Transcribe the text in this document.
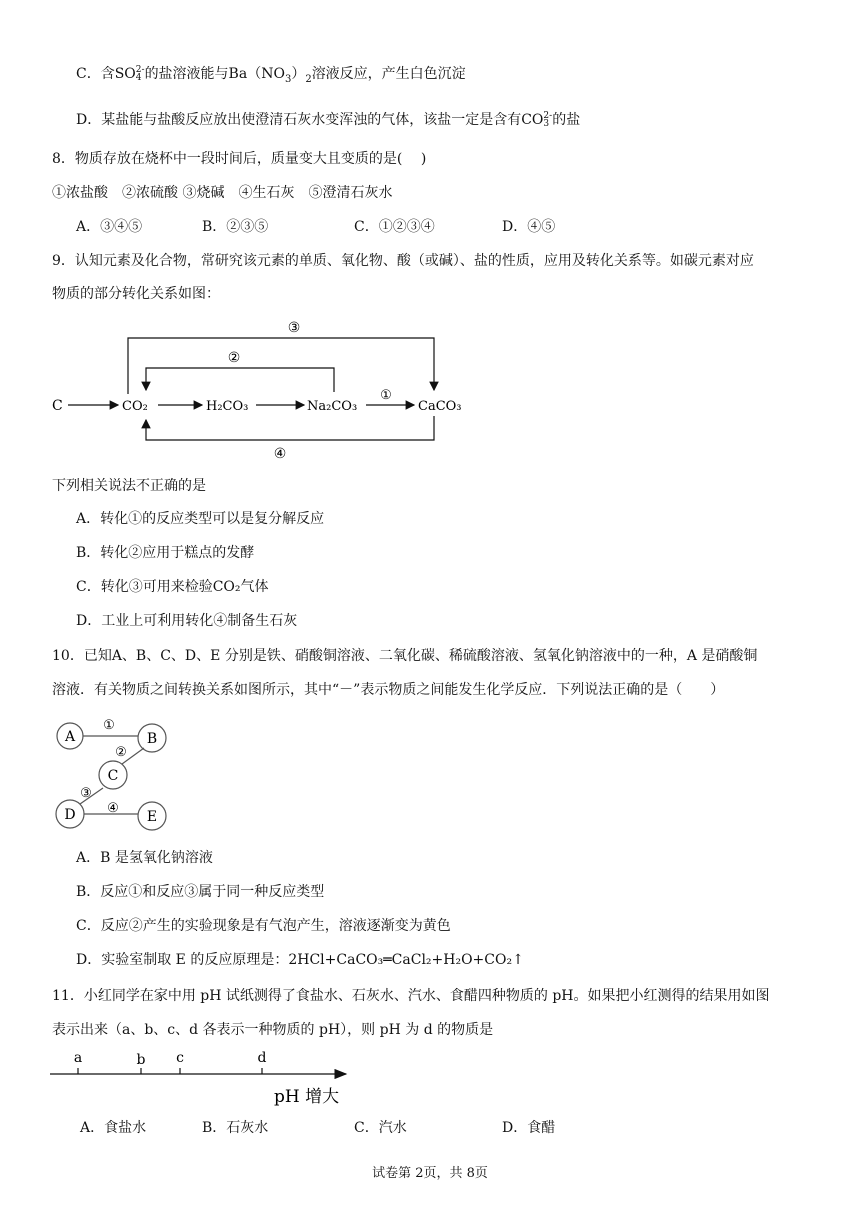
C．含SO 2-
4 的盐溶液能与$Ba(NO_3)_2$溶液反应，产生白色沉淀
D．某盐能与盐酸反应放出使澄清石灰水变浑浊的气体，该盐一定是含有CO 2-
3 的盐
8．物质存放在烧杯中一段时间后，质量变大且变质的是(　 )
①浓盐酸　②浓硫酸 ③烧碱　④生石灰　⑤澄清石灰水
A．③④⑤	B．②③⑤	C．①②③④	D．④⑤
9．认知元素及化合物，常研究该元素的单质、氧化物、酸（或碱）、盐的性质，应用及转化关系等。如碳元素对应
物质的部分转化关系如图：
C	CO₂	H₂CO₃	Na₂CO₃
①
CaCO₃
③
②
④
下列相关说法不正确的是
A．转化①的反应类型可以是复分解反应
B．转化②应用于糕点的发酵
C．转化③可用来检验CO₂气体
D．工业上可利用转化④制备生石灰
10．已知A、B、C、D、E 分别是铁、硝酸铜溶液、二氧化碳、稀硫酸溶液、氢氧化钠溶液中的一种，A 是硝酸铜
溶液．有关物质之间转换关系如图所示，其中“－”表示物质之间能发生化学反应．下列说法正确的是（　　）
A	B
C
D	E
①
②
③
④
A．B 是氢氧化钠溶液
B．反应①和反应③属于同一种反应类型
C．反应②产生的实验现象是有气泡产生，溶液逐渐变为黄色
D．实验室制取 E 的反应原理是：2HCl+CaCO₃═CaCl₂+H₂O+CO₂↑
11．小红同学在家中用 pH 试纸测得了食盐水、石灰水、汽水、食醋四种物质的 pH。如果把小红测得的结果用如图
表示出来（a、b、c、d 各表示一种物质的 pH），则 pH 为 d 的物质是
a	b c	d
pH 增大
A．食盐水	B．石灰水	C．汽水	D．食醋
试卷第 2页，共 8页
